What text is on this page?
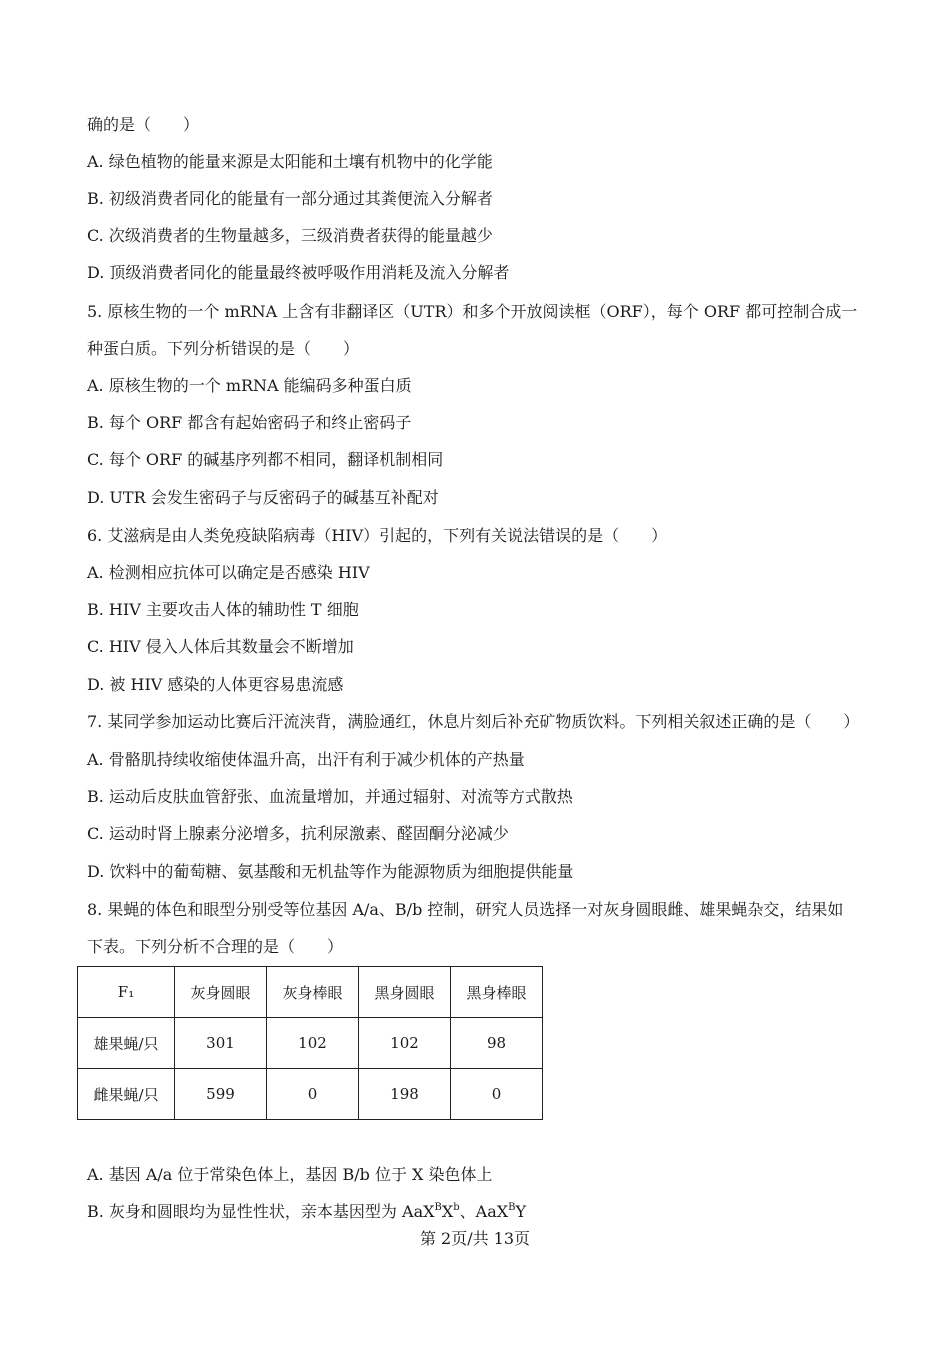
确的是（　　）
A. 绿色植物的能量来源是太阳能和土壤有机物中的化学能
B. 初级消费者同化的能量有一部分通过其粪便流入分解者
C. 次级消费者的生物量越多，三级消费者获得的能量越少
D. 顶级消费者同化的能量最终被呼吸作用消耗及流入分解者
5. 原核生物的一个 mRNA 上含有非翻译区（UTR）和多个开放阅读框（ORF），每个 ORF 都可控制合成一
种蛋白质。下列分析错误的是（　　）
A. 原核生物的一个 mRNA 能编码多种蛋白质
B. 每个 ORF 都含有起始密码子和终止密码子
C. 每个 ORF 的碱基序列都不相同，翻译机制相同
D. UTR 会发生密码子与反密码子的碱基互补配对
6. 艾滋病是由人类免疫缺陷病毒（HIV）引起的，下列有关说法错误的是（　　）
A. 检测相应抗体可以确定是否感染 HIV
B. HIV 主要攻击人体的辅助性 T 细胞
C. HIV 侵入人体后其数量会不断增加
D. 被 HIV 感染的人体更容易患流感
7. 某同学参加运动比赛后汗流浃背，满脸通红，休息片刻后补充矿物质饮料。下列相关叙述正确的是（　　）
A. 骨骼肌持续收缩使体温升高，出汗有利于减少机体的产热量
B. 运动后皮肤血管舒张、血流量增加，并通过辐射、对流等方式散热
C. 运动时肾上腺素分泌增多，抗利尿激素、醛固酮分泌减少
D. 饮料中的葡萄糖、氨基酸和无机盐等作为能源物质为细胞提供能量
8. 果蝇的体色和眼型分别受等位基因 A/a、B/b 控制，研究人员选择一对灰身圆眼雌、雄果蝇杂交，结果如
下表。下列分析不合理的是（　　）
F₁	灰身圆眼	灰身棒眼	黑身圆眼	黑身棒眼
雄果蝇/只	301	102	102	98
雌果蝇/只	599	0	198	0
A. 基因 A/a 位于常染色体上，基因 B/b 位于 X 染色体上
B. 灰身和圆眼均为显性性状，亲本基因型为 $AaX^BX^b$、AaX$^B$Y
第 2页/共 13页
